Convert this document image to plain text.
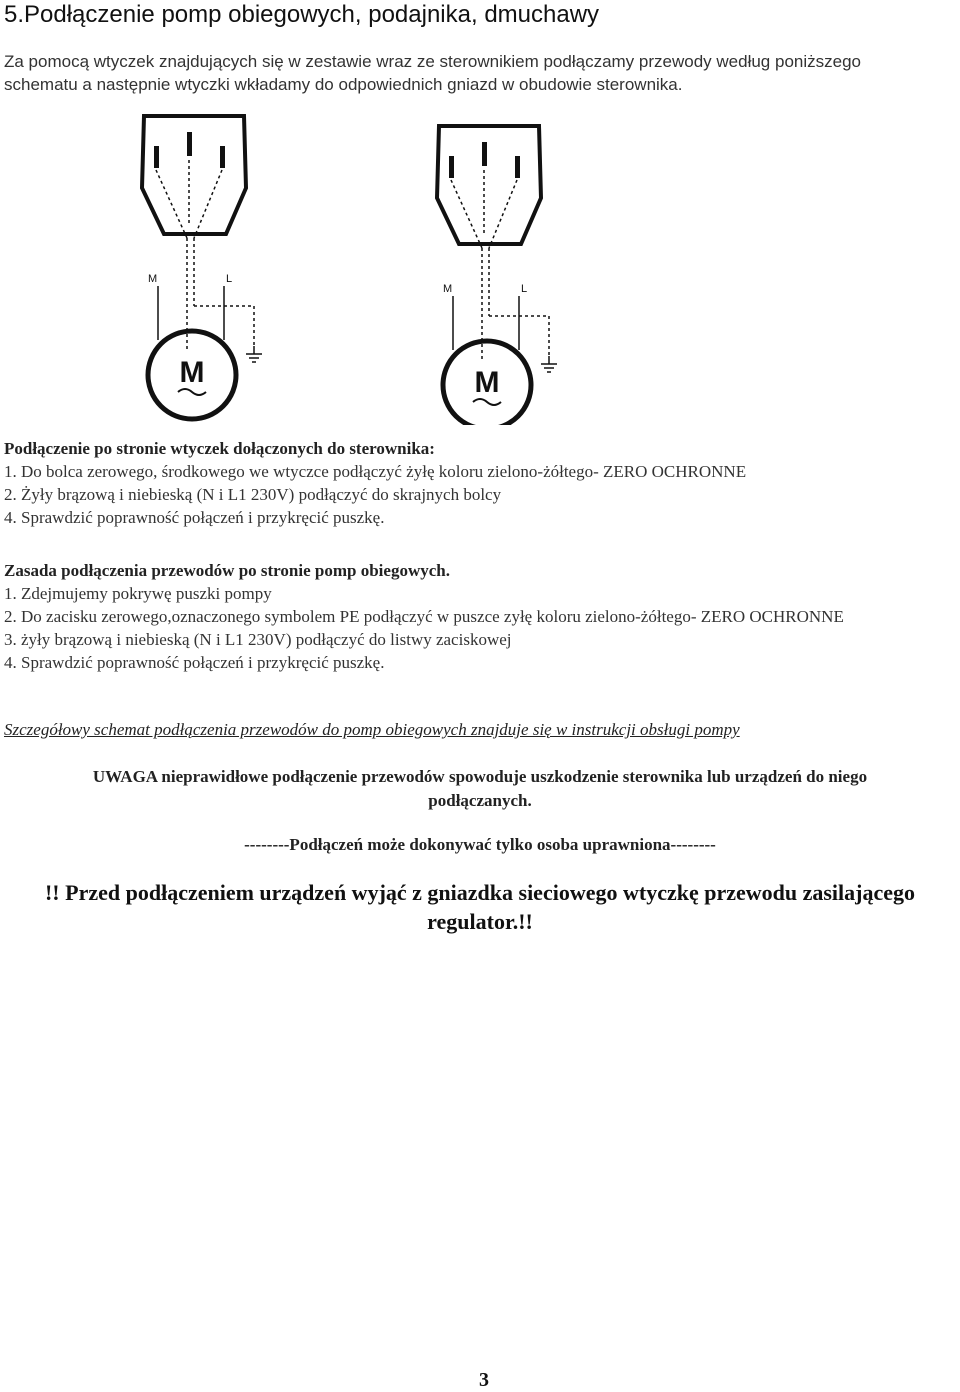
5.Podłączenie pomp obiegowych, podajnika, dmuchawy
Za pomocą wtyczek znajdujących się w zestawie wraz ze sterownikiem podłączamy przewody według poniższego
schematu a następnie wtyczki wkładamy do odpowiednich gniazd w obudowie sterownika.
M	L
M
M	L
M
Podłączenie po stronie wtyczek dołączonych do sterownika:
1. Do bolca zerowego, środkowego we wtyczce podłączyć żyłę koloru zielono-żółtego- ZERO OCHRONNE
2. Żyły brązową i niebieską (N i L1 230V) podłączyć do skrajnych bolcy
4. Sprawdzić poprawność połączeń i przykręcić puszkę.
Zasada podłączenia przewodów po stronie pomp obiegowych.
1. Zdejmujemy pokrywę puszki pompy
2. Do zacisku zerowego,oznaczonego symbolem PE podłączyć w puszce zyłę koloru zielono-żółtego- ZERO OCHRONNE
3. żyły brązową i niebieską (N i L1 230V) podłączyć do listwy zaciskowej
4. Sprawdzić poprawność połączeń i przykręcić puszkę.
Szczegółowy schemat podłączenia przewodów do pomp obiegowych znajduje się w instrukcji obsługi pompy
UWAGA nieprawidłowe podłączenie przewodów spowoduje uszkodzenie sterownika lub urządzeń do niego
podłączanych.
--------Podłączeń może dokonywać tylko osoba uprawniona--------
!! Przed podłączeniem urządzeń wyjąć z gniazdka sieciowego wtyczkę przewodu zasilającego
regulator.!!
3
